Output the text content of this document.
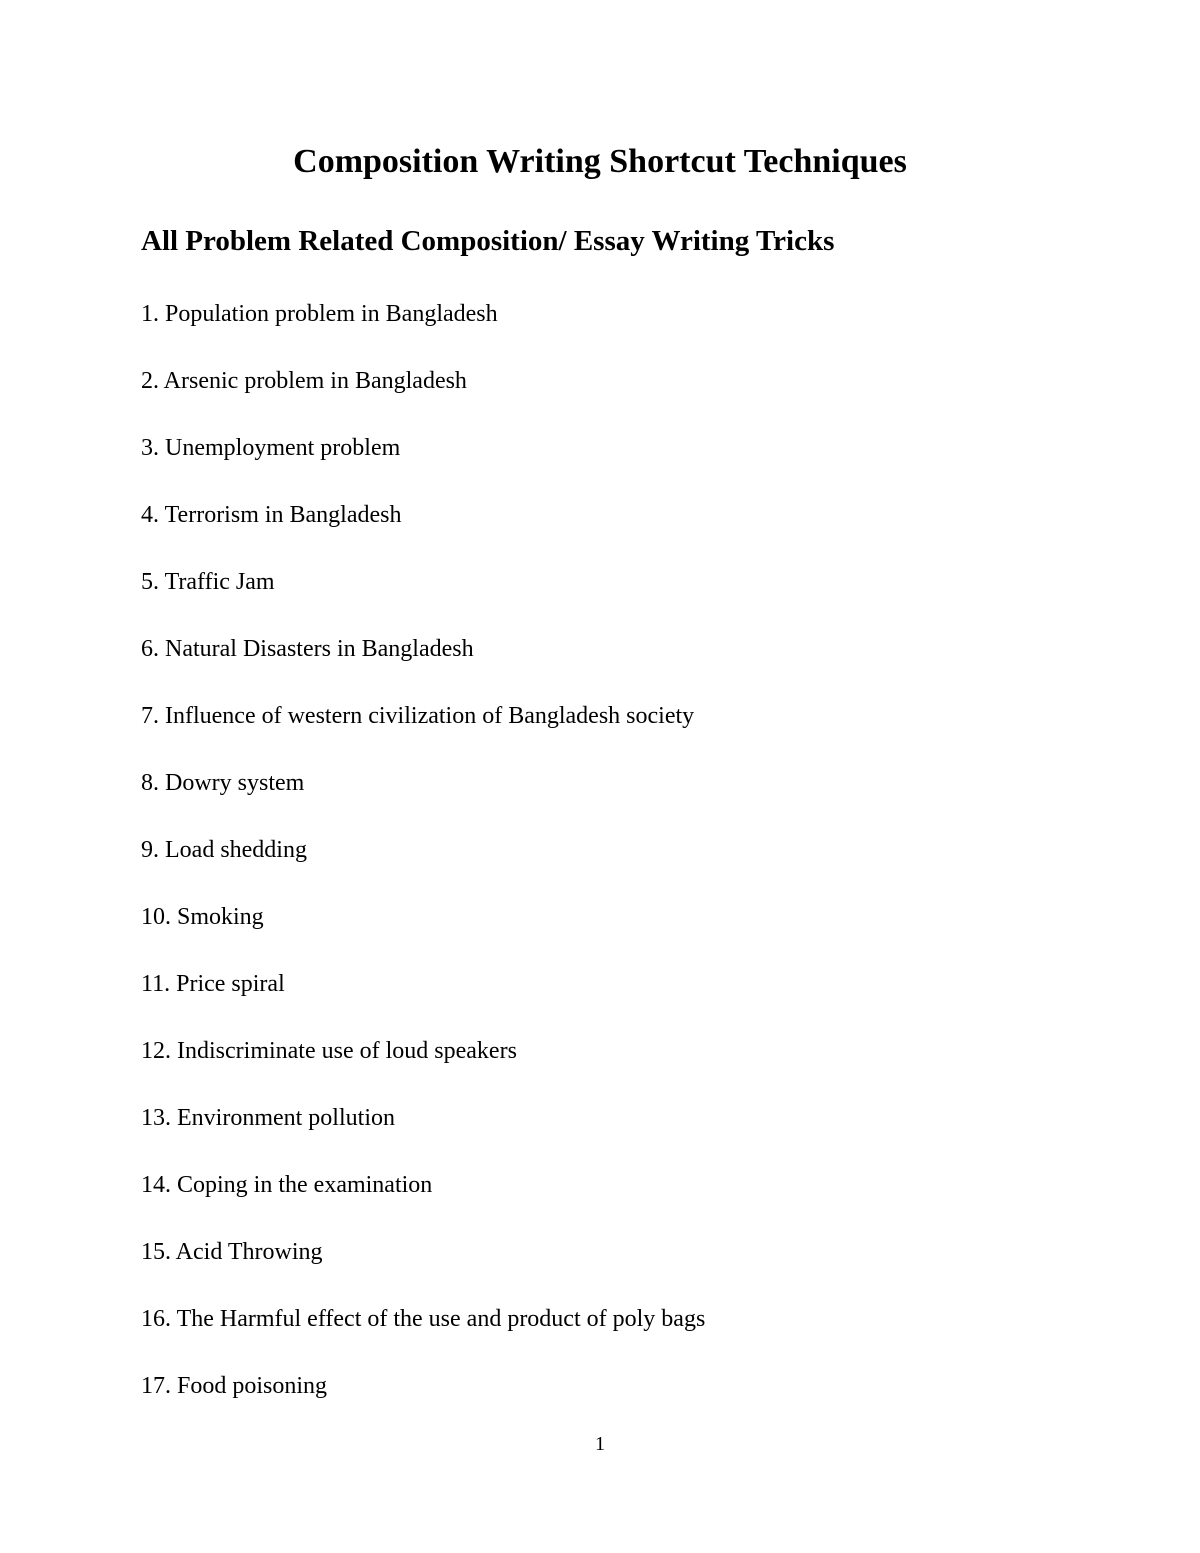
Composition Writing Shortcut Techniques
All Problem Related Composition/ Essay Writing Tricks
1. Population problem in Bangladesh
2. Arsenic problem in Bangladesh
3. Unemployment problem
4. Terrorism in Bangladesh
5. Traffic Jam
6. Natural Disasters in Bangladesh
7. Influence of western civilization of Bangladesh society
8. Dowry system
9. Load shedding
10. Smoking
11. Price spiral
12. Indiscriminate use of loud speakers
13. Environment pollution
14. Coping in the examination
15. Acid Throwing
16. The Harmful effect of the use and product of poly bags
17. Food poisoning
1
